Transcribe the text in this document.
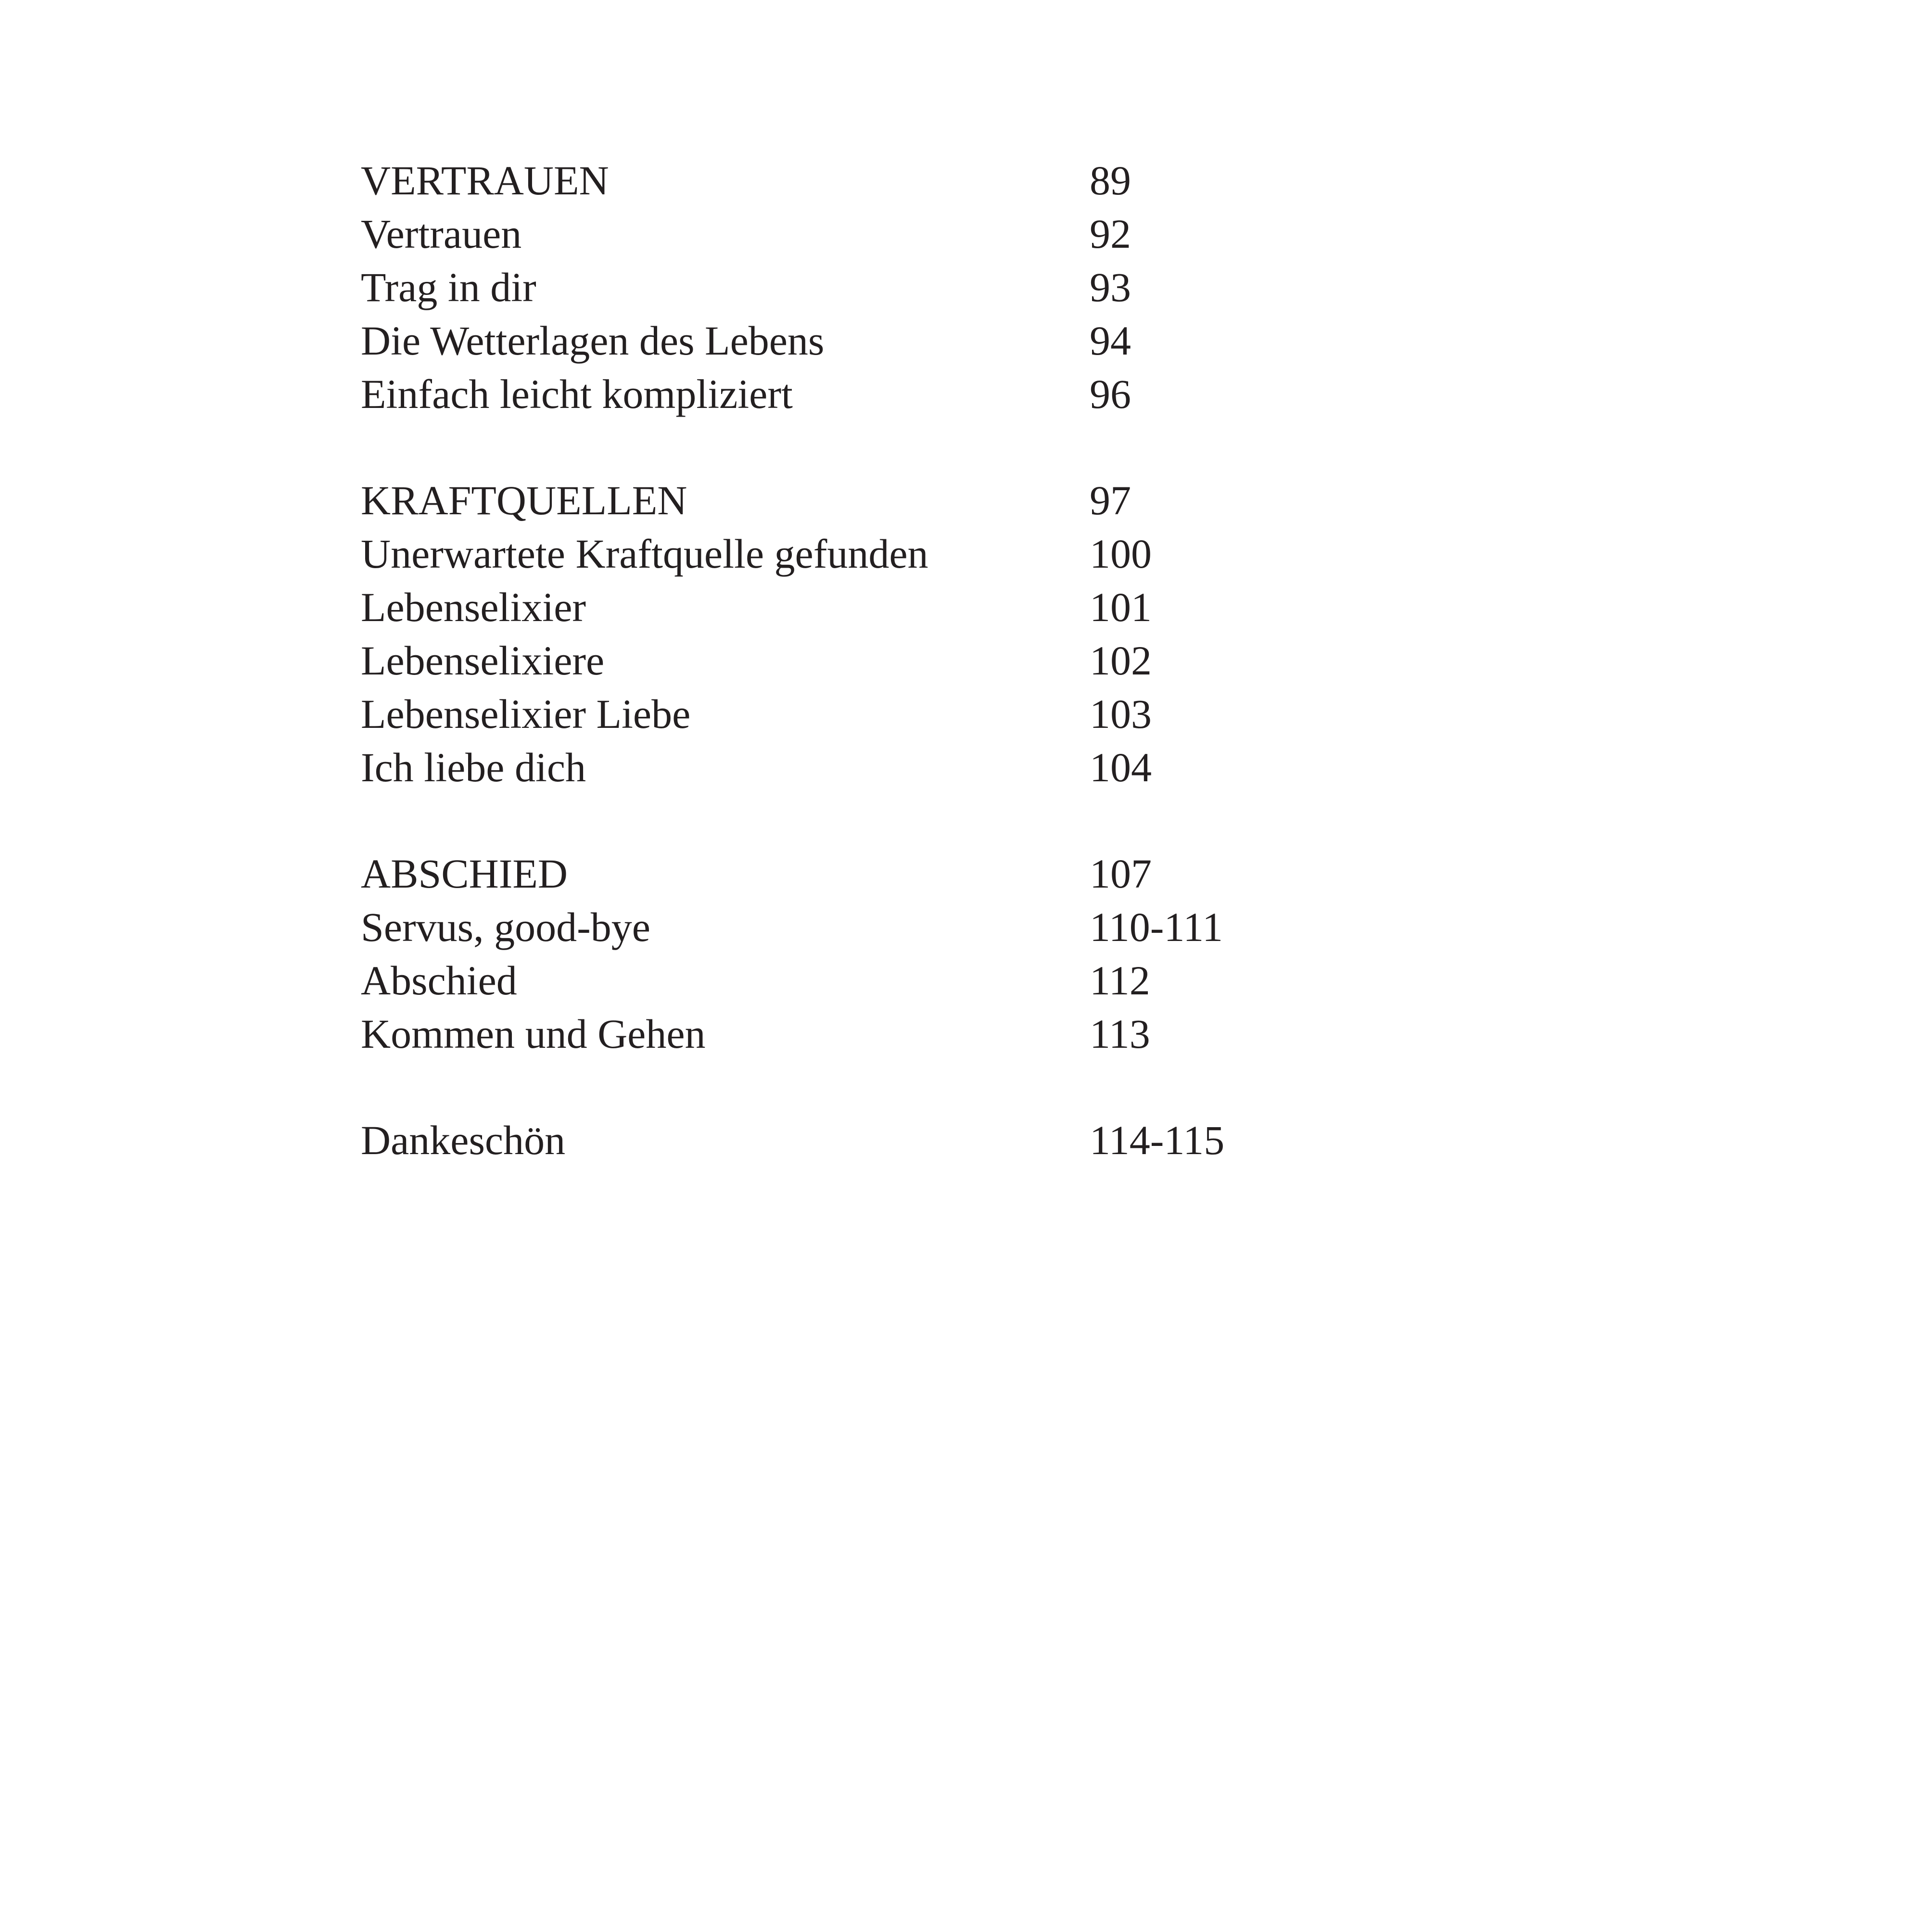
VERTRAUEN	89
Vertrauen	92
Trag in dir	93
Die Wetterlagen des Lebens	94
Einfach leicht kompliziert	96
KRAFTQUELLEN	97
Unerwartete Kraftquelle gefunden	100
Lebenselixier	101
Lebenselixiere	102
Lebenselixier Liebe	103
Ich liebe dich	104
ABSCHIED	107
Servus, good-bye	110-111
Abschied	112
Kommen und Gehen	113
Dankeschön	114-115
